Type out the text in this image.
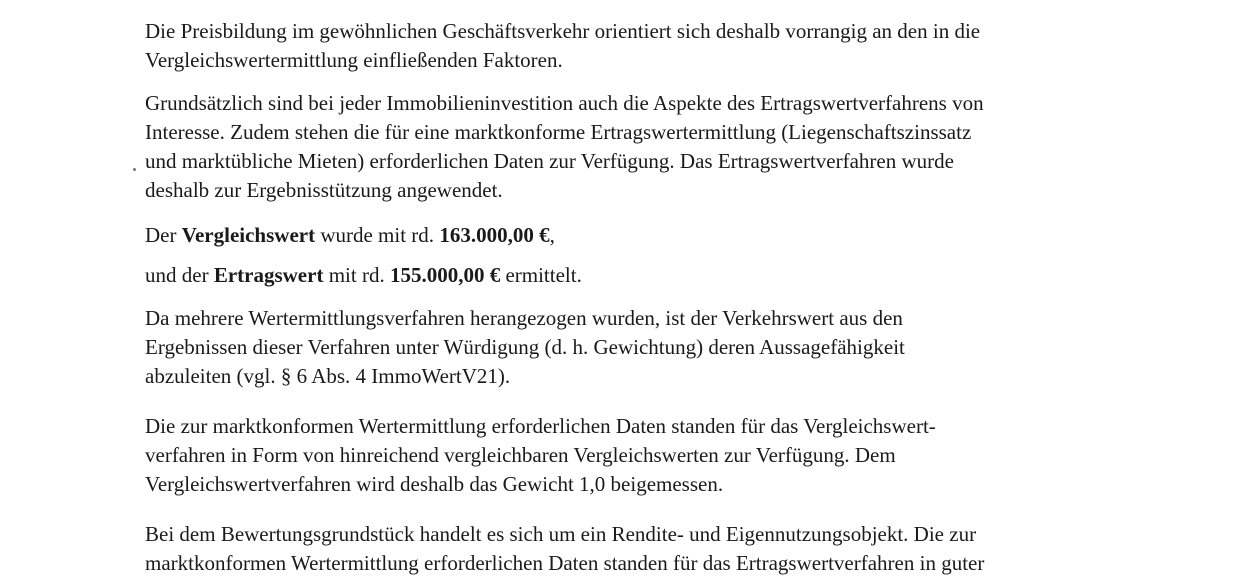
Die Preisbildung im gewöhnlichen Geschäftsverkehr orientiert sich deshalb vorrangig an den in die
Vergleichswertermittlung einfließenden Faktoren.

Grundsätzlich sind bei jeder Immobilieninvestition auch die Aspekte des Ertragswertverfahrens von
Interesse. Zudem stehen die für eine marktkonforme Ertragswertermittlung (Liegenschaftszinssatz
und marktübliche Mieten) erforderlichen Daten zur Verfügung. Das Ertragswertverfahren wurde
deshalb zur Ergebnisstützung angewendet.

Der Vergleichswert wurde mit rd. 163.000,00 €,

und der Ertragswert mit rd. 155.000,00 € ermittelt.

Da mehrere Wertermittlungsverfahren herangezogen wurden, ist der Verkehrswert aus den
Ergebnissen dieser Verfahren unter Würdigung (d. h. Gewichtung) deren Aussagefähigkeit
abzuleiten (vgl. § 6 Abs. 4 ImmoWertV21).

Die zur marktkonformen Wertermittlung erforderlichen Daten standen für das Vergleichswert-
verfahren in Form von hinreichend vergleichbaren Vergleichswerten zur Verfügung. Dem
Vergleichswertverfahren wird deshalb das Gewicht 1,0 beigemessen.

Bei dem Bewertungsgrundstück handelt es sich um ein Rendite- und Eigennutzungsobjekt. Die zur
marktkonformen Wertermittlung erforderlichen Daten standen für das Ertragswertverfahren in guter
